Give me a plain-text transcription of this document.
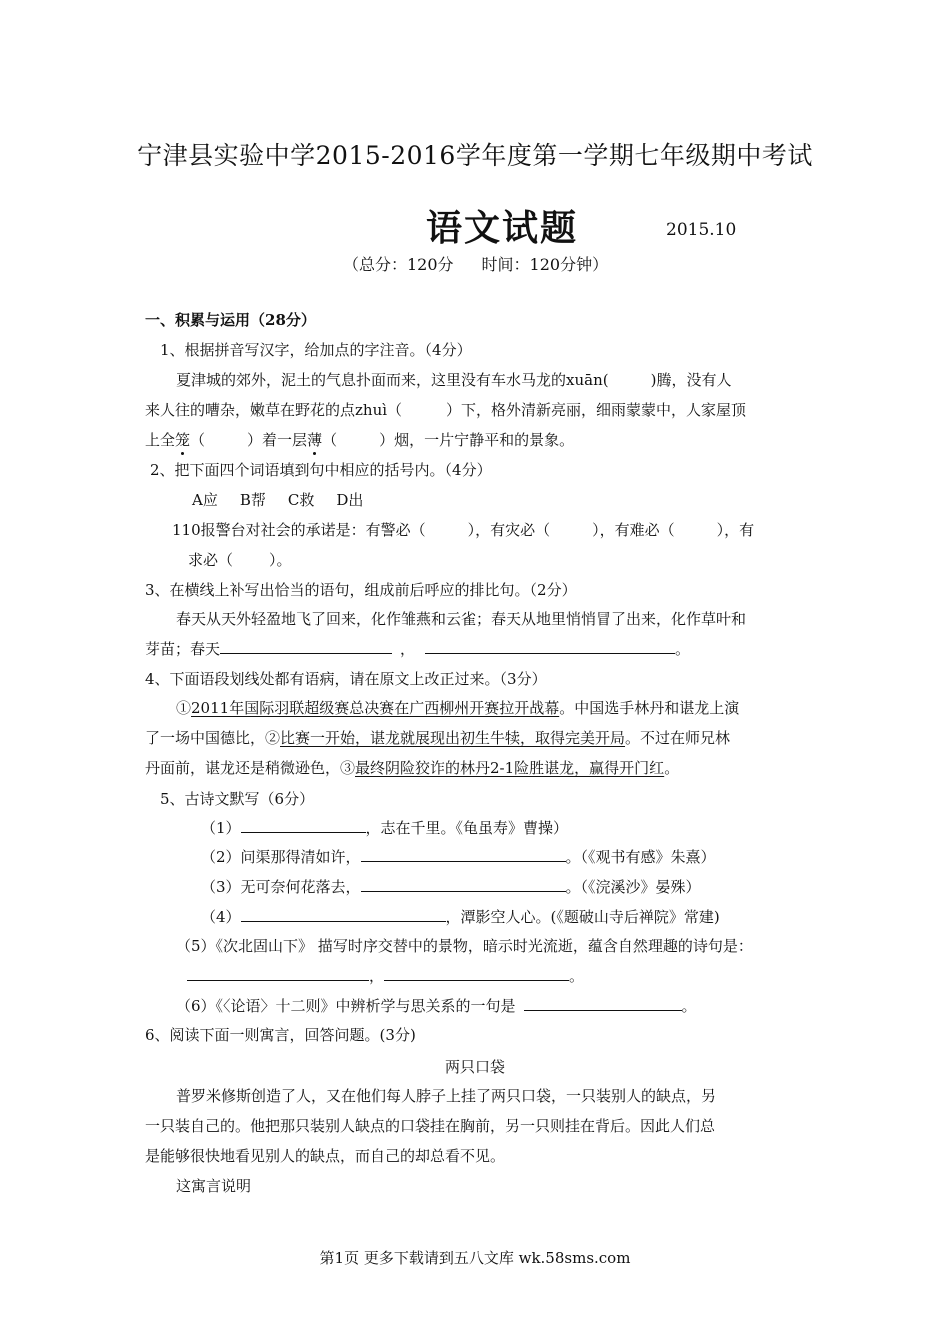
宁津县实验中学2015-2016学年度第一学期七年级期中考试
语文试题	2015.10
（总分：120分 时间：120分钟）
一、积累与运用（28分）
1、根据拼音写汉字，给加点的字注音。（4分）
夏津城的郊外，泥土的气息扑面而来，这里没有车水马龙的xuān(	)腾，没有人
来人往的嘈杂，嫩草在野花的点zhuì（	）下，格外清新亮丽，细雨蒙蒙中，人家屋顶
上全笼（	）着一层薄（	）烟，一片宁静平和的景象。
2、把下面四个词语填到句中相应的括号内。（4分）
A应 B帮 C救 D出
110报警台对社会的承诺是：有警必（	），有灾必（	），有难必（	），有
求必（ ）。
3、在横线上补写出恰当的语句，组成前后呼应的排比句。（2分）
春天从天外轻盈地飞了回来，化作雏燕和云雀；春天从地里悄悄冒了出来，化作草叶和
芽苗；春天	，	。
4、下面语段划线处都有语病，请在原文上改正过来。（3分）
①2011年国际羽联超级赛总决赛在广西柳州开赛拉开战幕。中国选手林丹和谌龙上演
了一场中国德比，②比赛一开始，谌龙就展现出初生牛犊，取得完美开局。不过在师兄林
丹面前，谌龙还是稍微逊色，③最终阴险狡诈的林丹2-1险胜谌龙，赢得开门红。
5、古诗文默写（6分）
（1）	，志在千里。《龟虽寿》曹操）
（2）问渠那得清如许，	。（《观书有感》朱熹）
（3）无可奈何花落去，	。（《浣溪沙》晏殊）
（4）	，潭影空人心。(《题破山寺后禅院》常建)
（5）《次北固山下》 描写时序交替中的景物，暗示时光流逝，蕴含自然理趣的诗句是：
，	。
（6）《〈论语〉十二则》中辨析学与思关系的一句是	。
6、阅读下面一则寓言，回答问题。(3分)
两只口袋
普罗米修斯创造了人，又在他们每人脖子上挂了两只口袋，一只装别人的缺点，另
一只装自己的。他把那只装别人缺点的口袋挂在胸前，另一只则挂在背后。因此人们总
是能够很快地看见别人的缺点，而自己的却总看不见。
这寓言说明
第1页 更多下载请到五八文库 wk.58sms.com
